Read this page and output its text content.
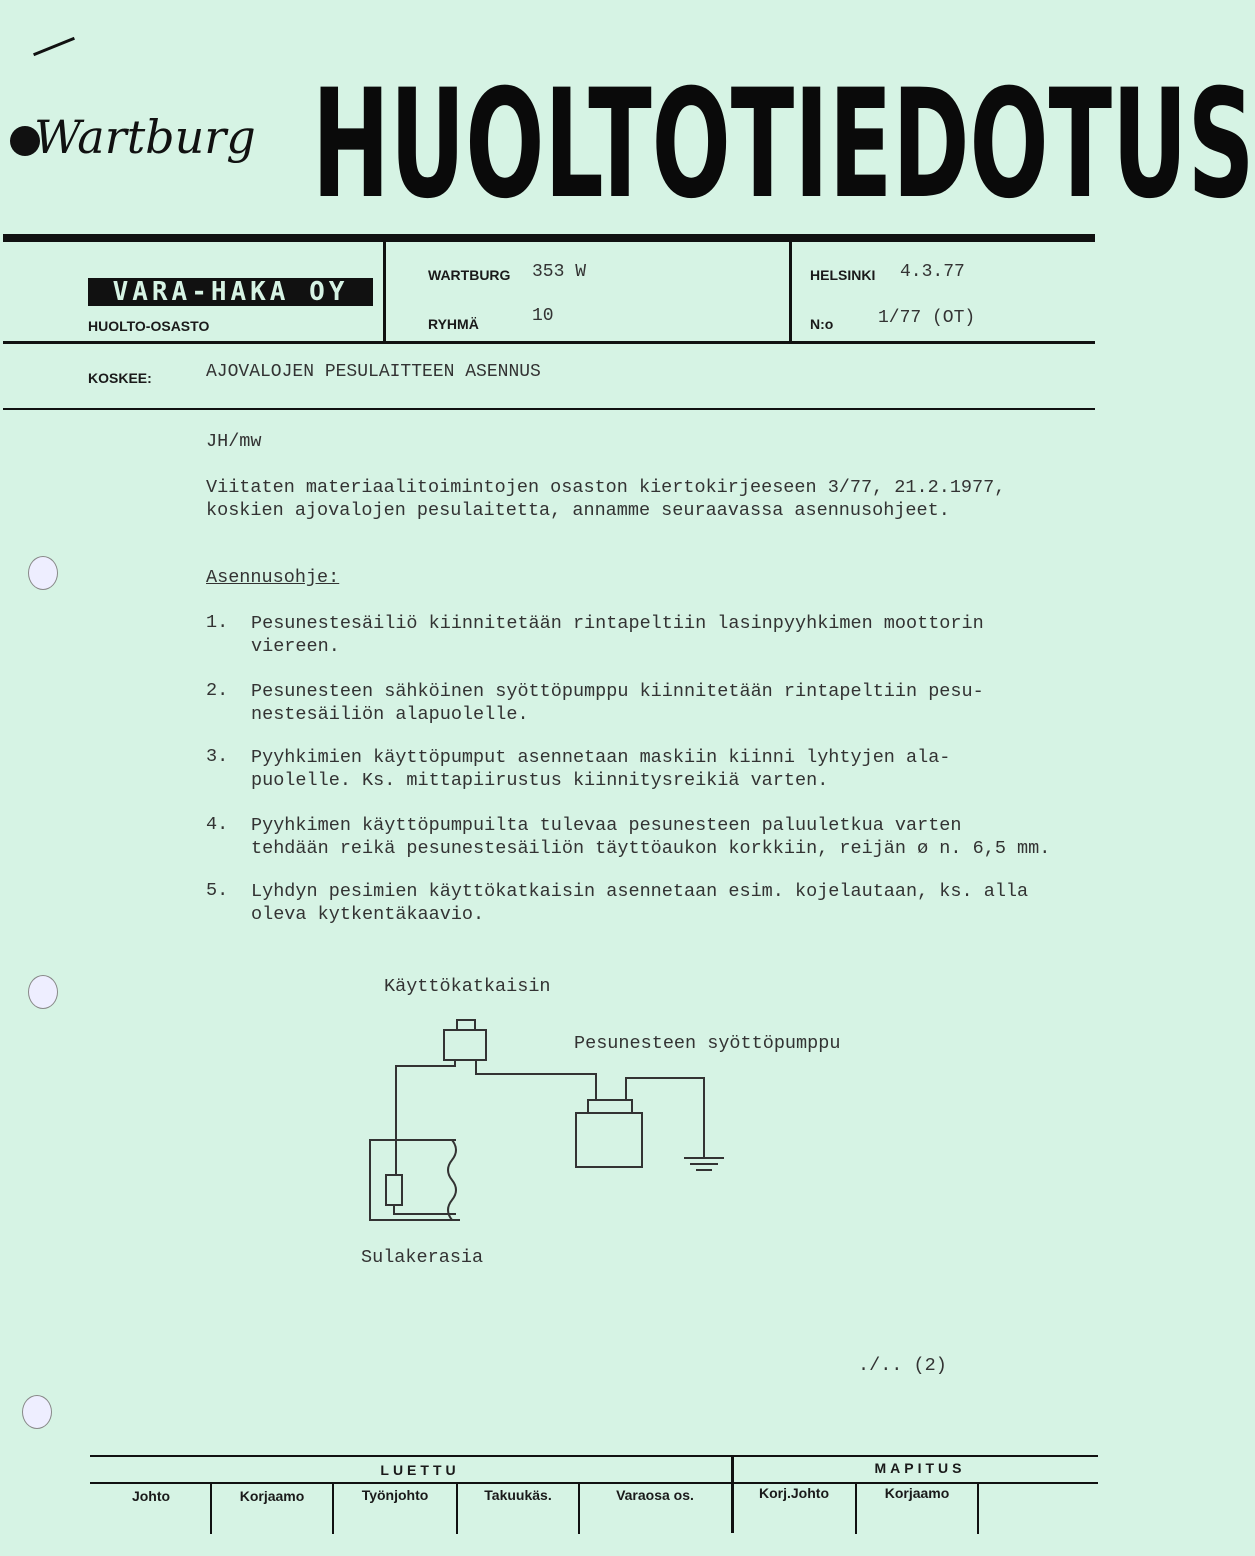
Wartburg HUOLTOTIEDOTUS
VARA-HAKA OY
HUOLTO-OSASTO
WARTBURG 353 W
RYHMÄ	10
HELSINKI 4.3.77
N:o 1/77 (OT)
KOSKEE:	AJOVALOJEN PESULAITTEEN ASENNUS
JH/mw
Viitaten materiaalitoimintojen osaston kiertokirjeeseen 3/77, 21.2.1977,
koskien ajovalojen pesulaitetta, annamme seuraavassa asennusohjeet.
Asennusohje:
1. Pesunestesäiliö kiinnitetään rintapeltiin lasinpyyhkimen moottorin
viereen.
2. Pesunesteen sähköinen syöttöpumppu kiinnitetään rintapeltiin pesu-
nestesäiliön alapuolelle.
3. Pyyhkimien käyttöpumput asennetaan maskiin kiinni lyhtyjen ala-
puolelle. Ks. mittapiirustus kiinnitysreikiä varten.
4. Pyyhkimen käyttöpumpuilta tulevaa pesunesteen paluuletkua varten
tehdään reikä pesunestesäiliön täyttöaukon korkkiin, reijän ø n. 6,5 mm.
5. Lyhdyn pesimien käyttökatkaisin asennetaan esim. kojelautaan, ks. alla
oleva kytkentäkaavio.
Käyttökatkaisin
Pesunesteen syöttöpumppu
Sulakerasia
./.. (2)
LUETTU	MAPITUS
Johto	Korjaamo	Työnjohto	Takuukäs.	Varaosa os.	Korj.Johto	Korjaamo
